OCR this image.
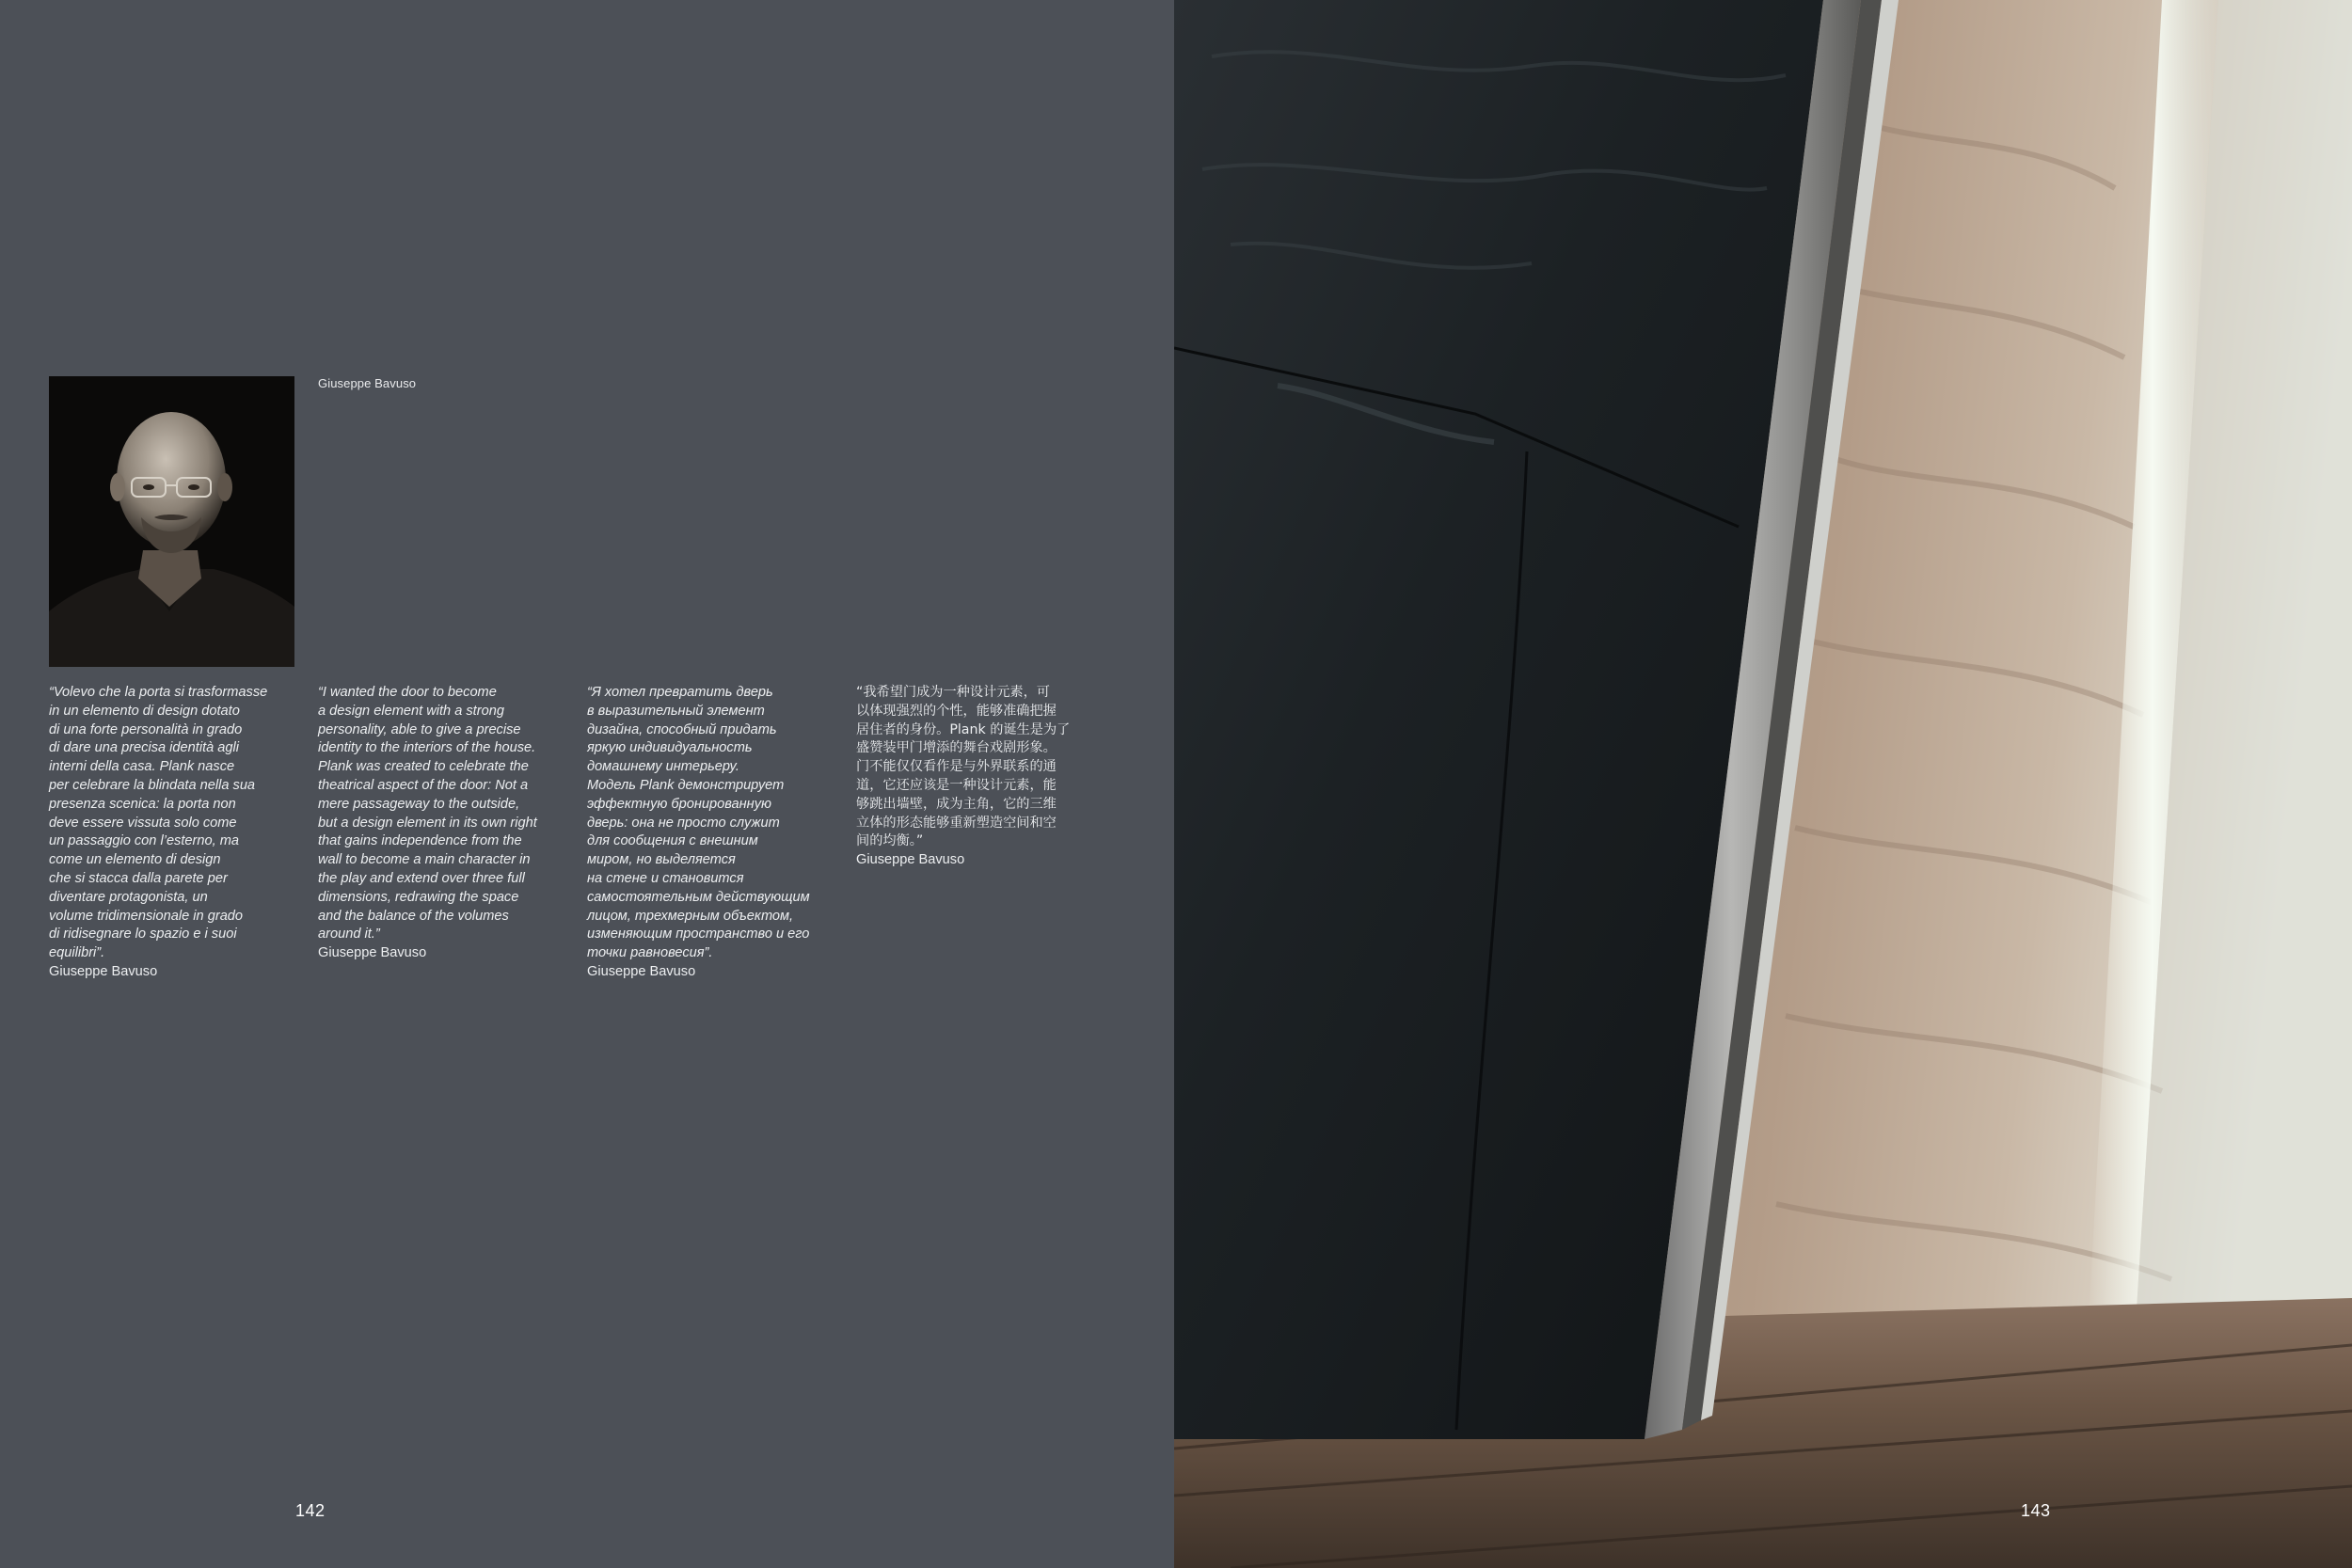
Giuseppe Bavuso

“Volevo che la porta si trasformasse
in un elemento di design dotato
di una forte personalità in grado
di dare una precisa identità agli
interni della casa. Plank nasce
per celebrare la blindata nella sua
presenza scenica: la porta non
deve essere vissuta solo come
un passaggio con l’esterno, ma
come un elemento di design
che si stacca dalla parete per
diventare protagonista, un
volume tridimensionale in grado
di ridisegnare lo spazio e i suoi
equilibri”.

Giuseppe Bavuso

“I wanted the door to become
a design element with a strong
personality, able to give a precise
identity to the interiors of the house.
Plank was created to celebrate the
theatrical aspect of the door: Not a
mere passageway to the outside,
but a design element in its own right
that gains independence from the
wall to become a main character in
the play and extend over three full
dimensions, redrawing the space
and the balance of the volumes
around it.”

Giuseppe Bavuso

“Я хотел превратить дверь
в выразительный элемент
дизайна, способный придать
яркую индивидуальность
домашнему интерьеру.
Модель Plank демонстрирует
эффектную бронированную
дверь: она не просто служит
для сообщения с внешним
миром, но выделяется
на стене и становится
самостоятельным действующим
лицом, трехмерным объектом,
изменяющим пространство и его
точки равновесия”.

Giuseppe Bavuso

“我希望门成为一种设计元素，可
以体现强烈的个性，能够准确把握
居住者的身份。Plank 的诞生是为了
盛赞装甲门增添的舞台戏剧形象。
门不能仅仅看作是与外界联系的通
道，它还应该是一种设计元素，能
够跳出墙壁，成为主角，它的三维
立体的形态能够重新塑造空间和空
间的均衡。”

Giuseppe Bavuso

142	143
